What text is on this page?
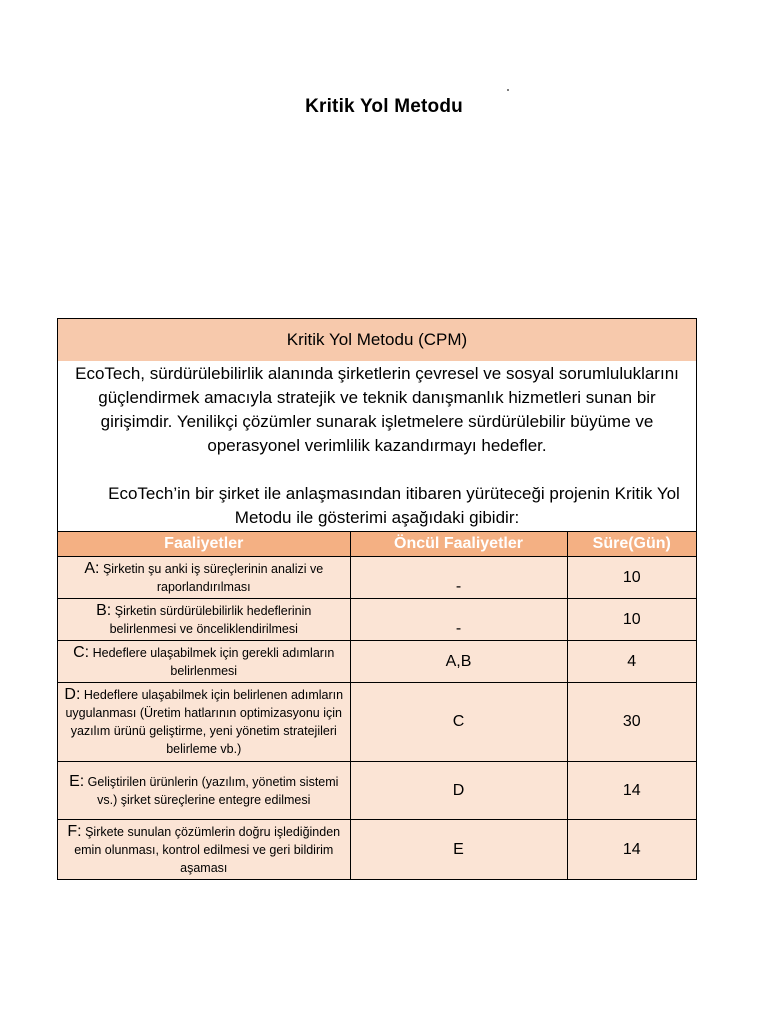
Kritik Yol Metodu
Kritik Yol Metodu (CPM)

EcoTech, sürdürülebilirlik alanında şirketlerin çevresel ve sosyal sorumluluklarını güçlendirmek amacıyla stratejik ve teknik danışmanlık hizmetleri sunan bir girişimdir. Yenilikçi çözümler sunarak işletmelere sürdürülebilir büyüme ve operasyonel verimlilik kazandırmayı hedefler.

EcoTech’in bir şirket ile anlaşmasından itibaren yürüteceği projenin Kritik Yol Metodu ile gösterimi aşağıdaki gibidir:

Faaliyetler	Öncül Faaliyetler	Süre(Gün)
A: Şirketin şu anki iş süreçlerinin analizi ve raporlandırılması	-	10
B: Şirketin sürdürülebilirlik hedeflerinin belirlenmesi ve önceliklendirilmesi	-	10
C: Hedeflere ulaşabilmek için gerekli adımların belirlenmesi	A,B	4
D: Hedeflere ulaşabilmek için belirlenen adımların uygulanması (Üretim hatlarının optimizasyonu için yazılım ürünü geliştirme, yeni yönetim stratejileri belirleme vb.)	C	30
E: Geliştirilen ürünlerin (yazılım, yönetim sistemi vs.) şirket süreçlerine entegre edilmesi	D	14
F: Şirkete sunulan çözümlerin doğru işlediğinden emin olunması, kontrol edilmesi ve geri bildirim aşaması	E	14
